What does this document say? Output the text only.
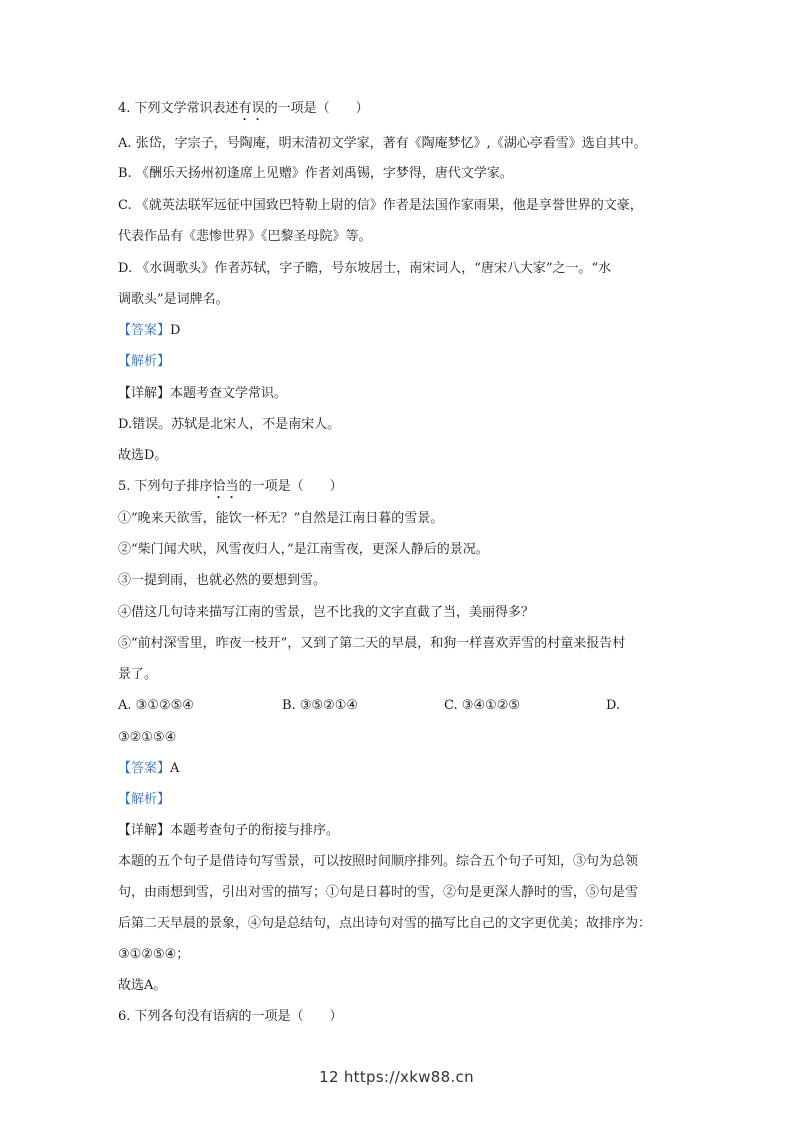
4. 下列文学常识表述有误的一项是（　　）
A. 张岱，字宗子，号陶庵，明末清初文学家，著有《陶庵梦忆》,《湖心亭看雪》选自其中。
B. 《酬乐天扬州初逢席上见赠》作者刘禹锡，字梦得，唐代文学家。
C. 《就英法联军远征中国致巴特勒上尉的信》作者是法国作家雨果，他是享誉世界的文豪，
代表作品有《悲惨世界》《巴黎圣母院》等。
D. 《水调歌头》作者苏轼，字子瞻，号东坡居士，南宋词人，“唐宋八大家”之一。“水
调歌头”是词牌名。
【答案】D
【解析】
【详解】本题考查文学常识。
D.错误。苏轼是北宋人，不是南宋人。
故选D。
5. 下列句子排序恰当的一项是（　　）
①“晚来天欲雪，能饮一杯无？”自然是江南日暮的雪景。
②“柴门闻犬吠，风雪夜归人，”是江南雪夜，更深人静后的景况。
③一提到雨，也就必然的要想到雪。
④借这几句诗来描写江南的雪景，岂不比我的文字直截了当，美丽得多？
⑤“前村深雪里，昨夜一枝开”，又到了第二天的早晨，和狗一样喜欢弄雪的村童来报告村
景了。
A. ③①②⑤④	B. ③⑤②①④	C. ③④①②⑤	D.
③②①⑤④
【答案】A
【解析】
【详解】本题考查句子的衔接与排序。
本题的五个句子是借诗句写雪景，可以按照时间顺序排列。综合五个句子可知，③句为总领
句，由雨想到雪，引出对雪的描写；①句是日暮时的雪，②句是更深人静时的雪，⑤句是雪
后第二天早晨的景象，④句是总结句，点出诗句对雪的描写比自己的文字更优美；故排序为：
③①②⑤④；
故选A。
6. 下列各句没有语病的一项是（　　）
12 https://xkw88.cn
